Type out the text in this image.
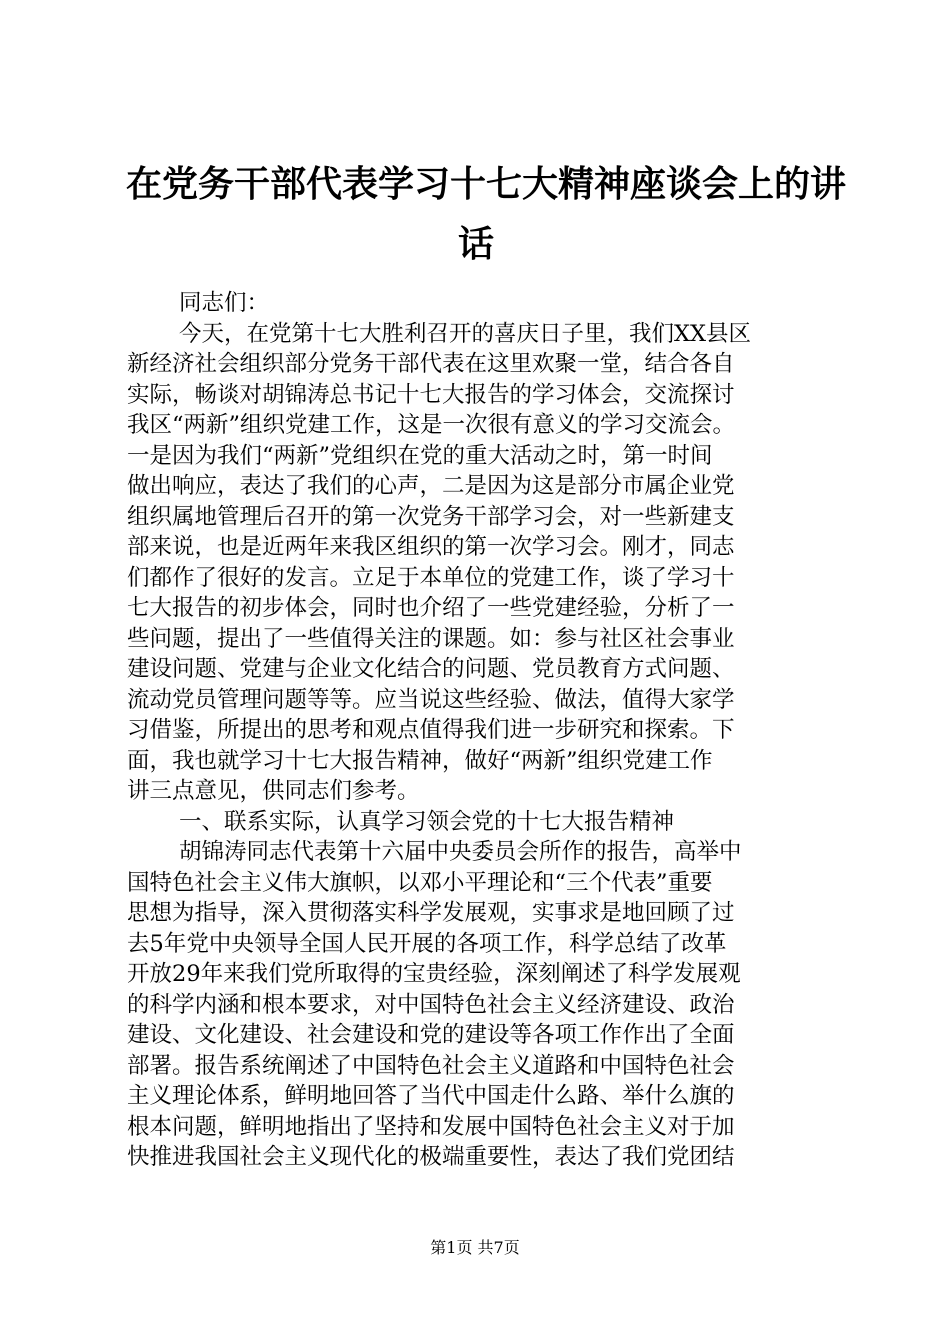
在党务干部代表学习十七大精神座谈会上的讲
话
同志们：
今天，在党第十七大胜利召开的喜庆日子里，我们XX县区
新经济社会组织部分党务干部代表在这里欢聚一堂，结合各自
实际，畅谈对胡锦涛总书记十七大报告的学习体会，交流探讨
我区“两新”组织党建工作，这是一次很有意义的学习交流会。
一是因为我们“两新”党组织在党的重大活动之时，第一时间
做出响应，表达了我们的心声，二是因为这是部分市属企业党
组织属地管理后召开的第一次党务干部学习会，对一些新建支
部来说，也是近两年来我区组织的第一次学习会。刚才，同志
们都作了很好的发言。立足于本单位的党建工作，谈了学习十
七大报告的初步体会，同时也介绍了一些党建经验，分析了一
些问题，提出了一些值得关注的课题。如：参与社区社会事业
建设问题、党建与企业文化结合的问题、党员教育方式问题、
流动党员管理问题等等。应当说这些经验、做法，值得大家学
习借鉴，所提出的思考和观点值得我们进一步研究和探索。下
面，我也就学习十七大报告精神，做好“两新”组织党建工作
讲三点意见，供同志们参考。
一、联系实际，认真学习领会党的十七大报告精神
胡锦涛同志代表第十六届中央委员会所作的报告，高举中
国特色社会主义伟大旗帜，以邓小平理论和“三个代表”重要
思想为指导，深入贯彻落实科学发展观，实事求是地回顾了过
去5年党中央领导全国人民开展的各项工作，科学总结了改革
开放29年来我们党所取得的宝贵经验，深刻阐述了科学发展观
的科学内涵和根本要求，对中国特色社会主义经济建设、政治
建设、文化建设、社会建设和党的建设等各项工作作出了全面
部署。报告系统阐述了中国特色社会主义道路和中国特色社会
主义理论体系，鲜明地回答了当代中国走什么路、举什么旗的
根本问题，鲜明地指出了坚持和发展中国特色社会主义对于加
快推进我国社会主义现代化的极端重要性，表达了我们党团结
第1页 共7页
